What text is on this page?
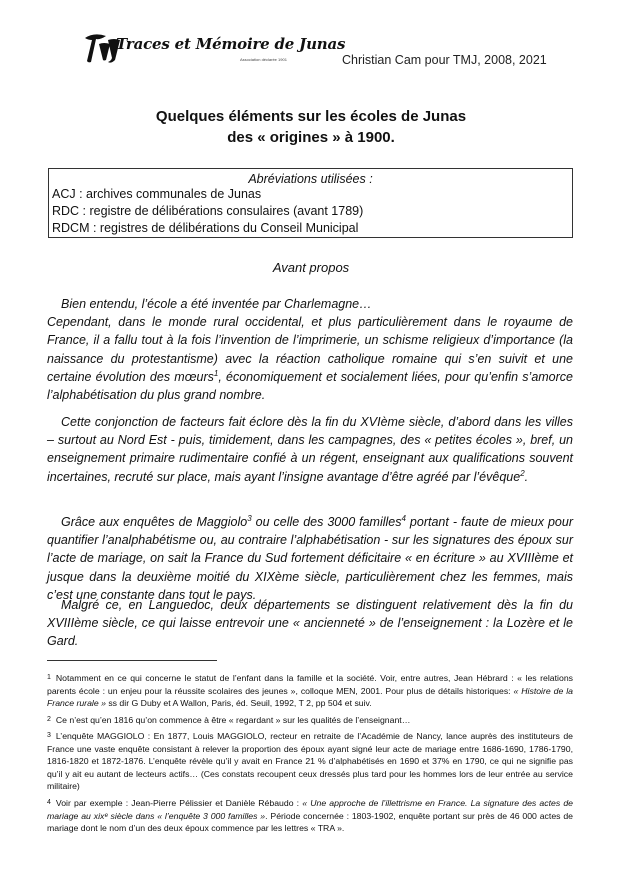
Traces et Mémoire de Junas
Association déclarée 1901	Christian Cam pour TMJ, 2008, 2021
Quelques éléments sur les écoles de Junas
des « origines » à 1900.
Abréviations utilisées :
ACJ : archives communales de Junas
RDC : registre de délibérations consulaires (avant 1789)
RDCM : registres de délibérations du Conseil Municipal
Avant propos
Bien entendu, l’école a été inventée par Charlemagne…
Cependant, dans le monde rural occidental, et plus particulièrement dans le royaume de France, il a fallu tout à la fois l’invention de l’imprimerie, un schisme religieux d’importance (la naissance du protestantisme) avec la réaction catholique romaine qui s’en suivit et une certaine évolution des mœurs$^1$, économiquement et socialement liées, pour qu’enfin s’amorce l’alphabétisation du plus grand nombre.
Cette conjonction de facteurs fait éclore dès la fin du XVIème siècle, d’abord dans les villes – surtout au Nord Est - puis, timidement, dans les campagnes, des « petites écoles », bref, un enseignement primaire rudimentaire confié à un régent, enseignant aux qualifications souvent incertaines, recruté sur place, mais ayant l’insigne avantage d’être agréé par l’évêque$^2$.
Grâce aux enquêtes de Maggiolo$^3$ ou celle des 3000 familles$^4$ portant - faute de mieux pour quantifier l’analphabétisme ou, au contraire l’alphabétisation - sur les signatures des époux sur l’acte de mariage, on sait la France du Sud fortement déficitaire « en écriture » au XVIIIème et jusque dans la deuxième moitié du XIXème siècle, particulièrement chez les femmes, mais c’est une constante dans tout le pays.
Malgré ce, en Languedoc, deux départements se distinguent relativement dès la fin du XVIIIème siècle, ce qui laisse entrevoir une « ancienneté » de l’enseignement : la Lozère et le Gard.
$^1$ Notamment en ce qui concerne le statut de l’enfant dans la famille et la société. Voir, entre autres, Jean Hébrard : « les relations parents école : un enjeu pour la réussite scolaires des jeunes », colloque MEN, 2001. Pour plus de détails historiques: « Histoire de la France rurale » ss dir G Duby et A Wallon, Paris, éd. Seuil, 1992, T 2, pp 504 et suiv.
$^2$ Ce n’est qu’en 1816 qu’on commence à être « regardant » sur les qualités de l’enseignant…
$^3$ L’enquête MAGGIOLO : En 1877, Louis MAGGIOLO, recteur en retraite de l’Académie de Nancy, lance auprès des instituteurs de France une vaste enquête consistant à relever la proportion des époux ayant signé leur acte de mariage entre 1686-1690, 1786-1790, 1816-1820 et 1872-1876. L’enquête révèle qu’il y avait en France 21 % d’alphabétisés en 1690 et 37% en 1790, ce qui ne signifie pas qu’il y ait eu autant de lecteurs actifs… (Ces constats recoupent ceux dressés plus tard pour les hommes lors de leur entrée au service militaire)
$^4$ Voir par exemple : Jean-Pierre Pélissier et Danièle Rébaudo : « Une approche de l’illettrisme en France. La signature des actes de mariage au xixᵉ siècle dans « l’enquête 3 000 familles ». Période concernée : 1803-1902, enquête portant sur près de 46 000 actes de mariage dont le nom d’un des deux époux commence par les lettres « TRA ».
